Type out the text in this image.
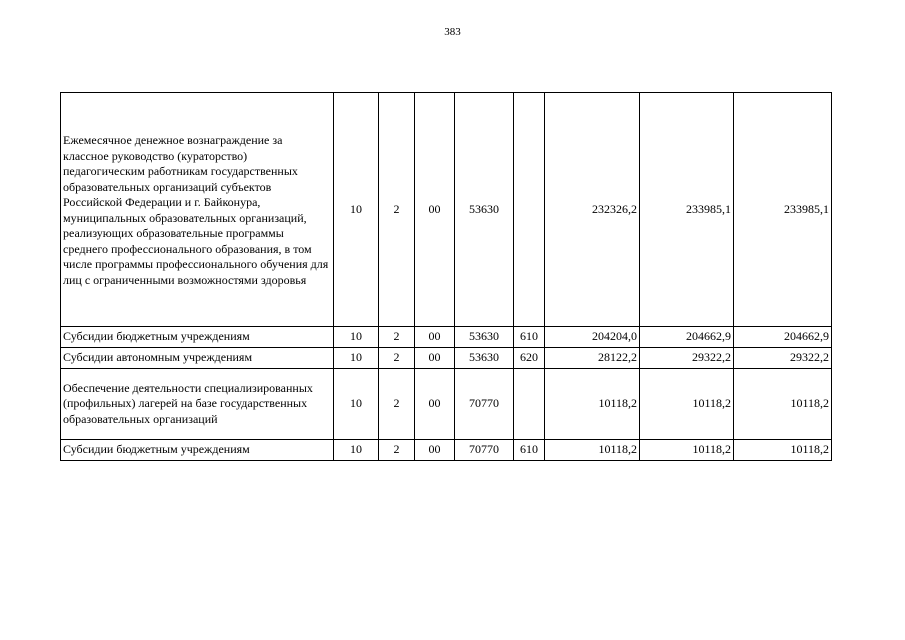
383
Ежемесячное денежное вознаграждение за классное руководство (кураторство) педагогическим работникам государственных образовательных организаций субъектов Российской Федерации и г. Байконура, муниципальных образовательных организаций, реализующих образовательные программы среднего профессионального образования, в том числе программы профессионального обучения для лиц с ограниченными возможностями здоровья	10	2	00	53630		232326,2	233985,1	233985,1
Субсидии бюджетным учреждениям	10	2	00	53630	610	204204,0	204662,9	204662,9
Субсидии автономным учреждениям	10	2	00	53630	620	28122,2	29322,2	29322,2
Обеспечение деятельности специализированных (профильных) лагерей на базе государственных образовательных организаций	10	2	00	70770		10118,2	10118,2	10118,2
Субсидии бюджетным учреждениям	10	2	00	70770	610	10118,2	10118,2	10118,2
